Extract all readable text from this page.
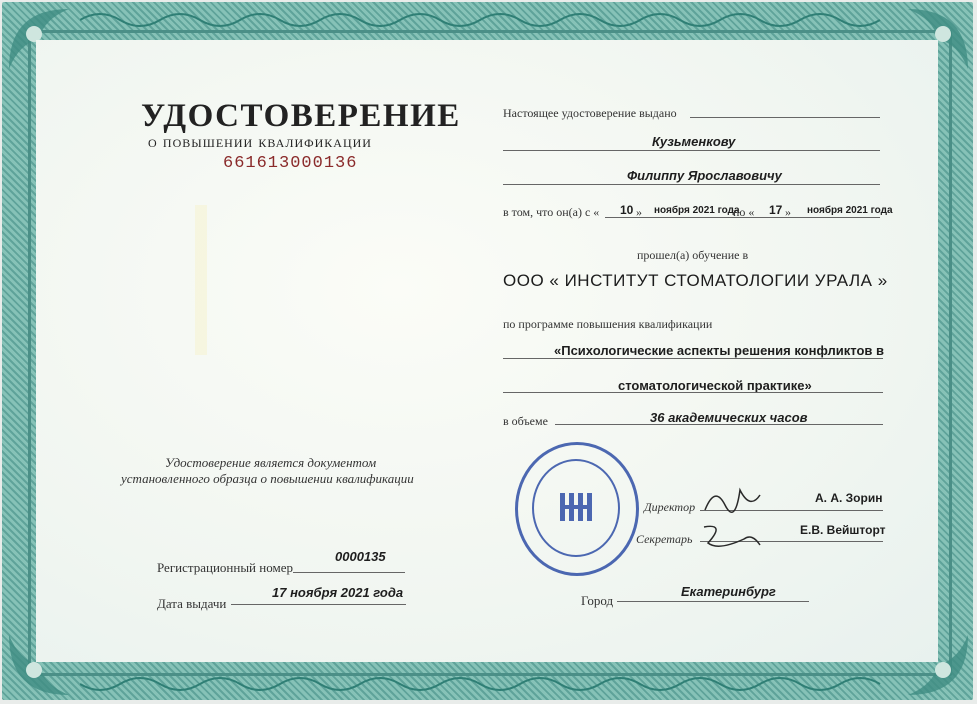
УДОСТОВЕРЕНИЕ
о повышении квалификации
661613000136
Удостоверение является документом
установленного образца о повышении квалификации
Регистрационный номер
0000135
Дата выдачи
17 ноября 2021 года
Настоящее удостоверение выдано
Кузьменкову
Филиппу Ярославовичу
в том, что он(а) с « 10 » ноября 2021 года
по « 17 » ноября 2021 года
прошел(а) обучение в
ООО « ИНСТИТУТ СТОМАТОЛОГИИ УРАЛА »
по программе повышения квалификации
«Психологические аспекты решения конфликтов в
стоматологической практике»
в объеме	36 академических часов
Директор
А. А. Зорин
Секретарь
Е.В. Вейшторт
Город
Екатеринбург
